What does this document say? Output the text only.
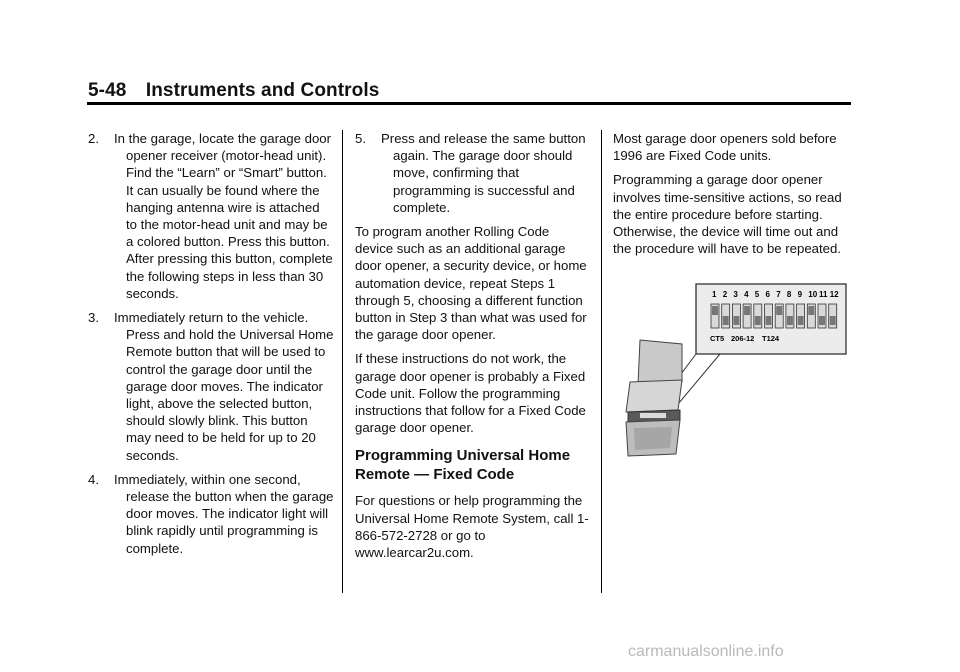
5-48 Instruments and Controls
2. In the garage, locate the garage door opener receiver (motor-head unit). Find the “Learn” or “Smart” button. It can usually be found where the hanging antenna wire is attached to the motor-head unit and may be a colored button. Press this button. After pressing this button, complete the following steps in less than 30 seconds.
3. Immediately return to the vehicle. Press and hold the Universal Home Remote button that will be used to control the garage door until the garage door moves. The indicator light, above the selected button, should slowly blink. This button may need to be held for up to 20 seconds.
4. Immediately, within one second, release the button when the garage door moves. The indicator light will blink rapidly until programming is complete.
5. Press and release the same button again. The garage door should move, confirming that programming is successful and complete.

To program another Rolling Code device such as an additional garage door opener, a security device, or home automation device, repeat Steps 1 through 5, choosing a different function button in Step 3 than what was used for the garage door opener.

If these instructions do not work, the garage door opener is probably a Fixed Code unit. Follow the programming instructions that follow for a Fixed Code garage door opener.

Programming Universal Home Remote — Fixed Code

For questions or help programming the Universal Home Remote System, call 1-866-572-2728 or go to www.learcar2u.com.

Most garage door openers sold before 1996 are Fixed Code units.

Programming a garage door opener involves time-sensitive actions, so read the entire procedure before starting. Otherwise, the device will time out and the procedure will have to be repeated.

1 2 3 4 5 6 7 8 9 10 11 12
CT5 206-12 T124
carmanualsonline.info
